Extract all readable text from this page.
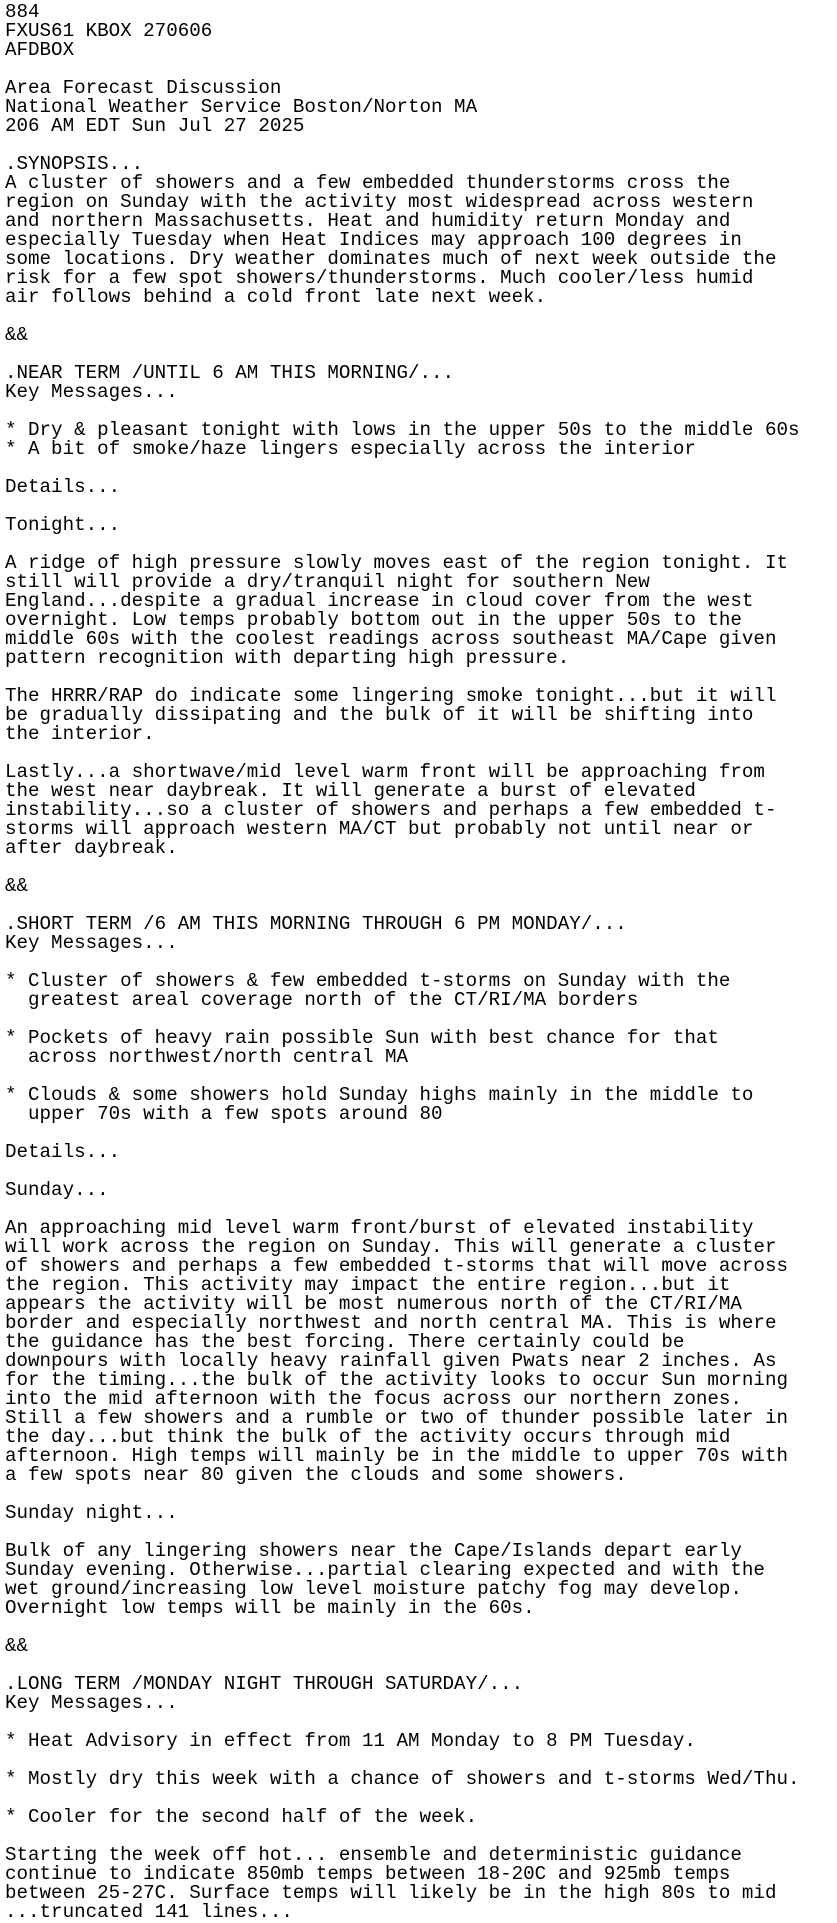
884
FXUS61 KBOX 270606
AFDBOX

Area Forecast Discussion
National Weather Service Boston/Norton MA
206 AM EDT Sun Jul 27 2025

.SYNOPSIS...
A cluster of showers and a few embedded thunderstorms cross the
region on Sunday with the activity most widespread across western
and northern Massachusetts. Heat and humidity return Monday and
especially Tuesday when Heat Indices may approach 100 degrees in
some locations. Dry weather dominates much of next week outside the
risk for a few spot showers/thunderstorms. Much cooler/less humid
air follows behind a cold front late next week.

&&

.NEAR TERM /UNTIL 6 AM THIS MORNING/...
Key Messages...

* Dry & pleasant tonight with lows in the upper 50s to the middle 60s
* A bit of smoke/haze lingers especially across the interior

Details...

Tonight...

A ridge of high pressure slowly moves east of the region tonight. It
still will provide a dry/tranquil night for southern New
England...despite a gradual increase in cloud cover from the west
overnight. Low temps probably bottom out in the upper 50s to the
middle 60s with the coolest readings across southeast MA/Cape given
pattern recognition with departing high pressure.

The HRRR/RAP do indicate some lingering smoke tonight...but it will
be gradually dissipating and the bulk of it will be shifting into
the interior.

Lastly...a shortwave/mid level warm front will be approaching from
the west near daybreak. It will generate a burst of elevated
instability...so a cluster of showers and perhaps a few embedded t-
storms will approach western MA/CT but probably not until near or
after daybreak.

&&

.SHORT TERM /6 AM THIS MORNING THROUGH 6 PM MONDAY/...
Key Messages...

* Cluster of showers & few embedded t-storms on Sunday with the
greatest areal coverage north of the CT/RI/MA borders

* Pockets of heavy rain possible Sun with best chance for that
across northwest/north central MA

* Clouds & some showers hold Sunday highs mainly in the middle to
upper 70s with a few spots around 80

Details...

Sunday...

An approaching mid level warm front/burst of elevated instability
will work across the region on Sunday. This will generate a cluster
of showers and perhaps a few embedded t-storms that will move across
the region. This activity may impact the entire region...but it
appears the activity will be most numerous north of the CT/RI/MA
border and especially northwest and north central MA. This is where
the guidance has the best forcing. There certainly could be
downpours with locally heavy rainfall given Pwats near 2 inches. As
for the timing...the bulk of the activity looks to occur Sun morning
into the mid afternoon with the focus across our northern zones.
Still a few showers and a rumble or two of thunder possible later in
the day...but think the bulk of the activity occurs through mid
afternoon. High temps will mainly be in the middle to upper 70s with
a few spots near 80 given the clouds and some showers.

Sunday night...

Bulk of any lingering showers near the Cape/Islands depart early
Sunday evening. Otherwise...partial clearing expected and with the
wet ground/increasing low level moisture patchy fog may develop.
Overnight low temps will be mainly in the 60s.

&&

.LONG TERM /MONDAY NIGHT THROUGH SATURDAY/...
Key Messages...

* Heat Advisory in effect from 11 AM Monday to 8 PM Tuesday.

* Mostly dry this week with a chance of showers and t-storms Wed/Thu.

* Cooler for the second half of the week.

Starting the week off hot... ensemble and deterministic guidance
continue to indicate 850mb temps between 18-20C and 925mb temps
between 25-27C. Surface temps will likely be in the high 80s to mid
...truncated 141 lines...
